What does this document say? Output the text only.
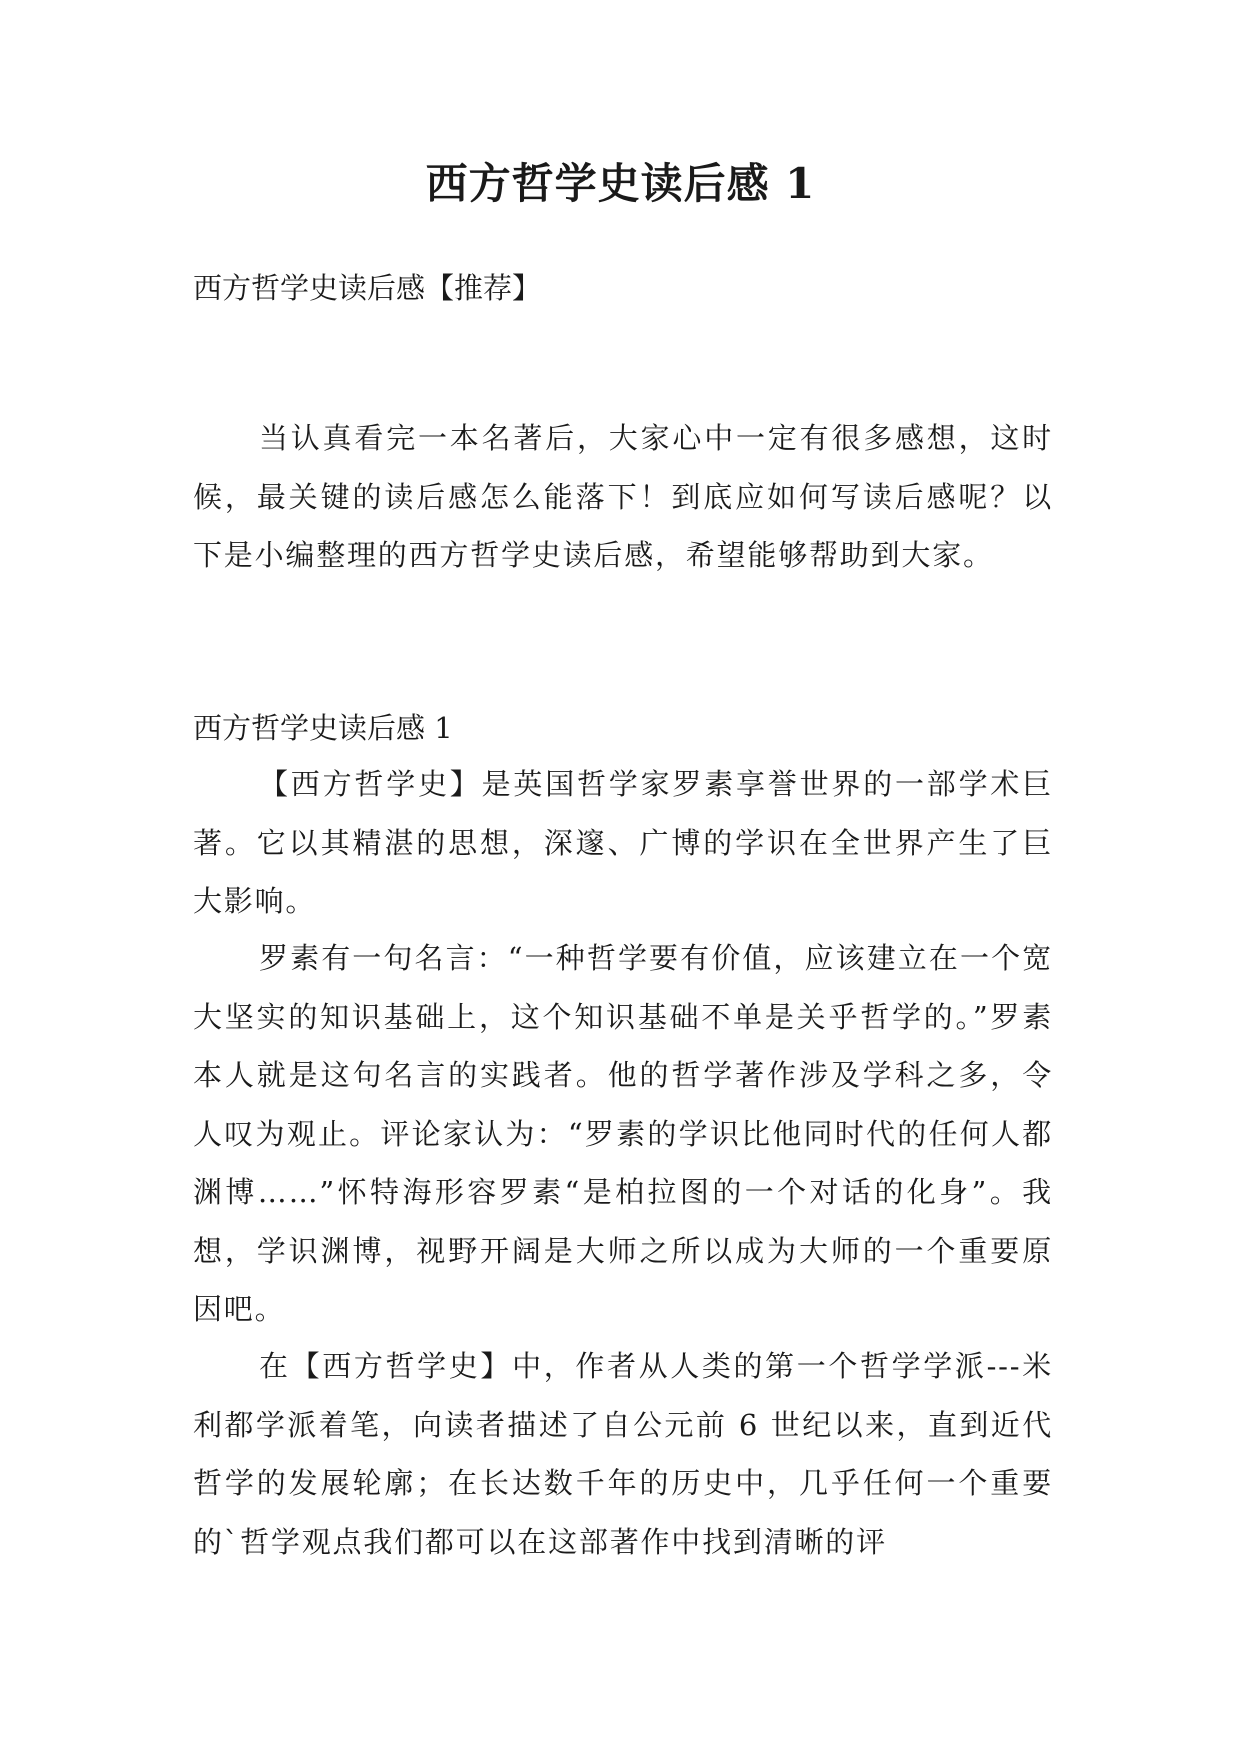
西方哲学史读后感 1

西方哲学史读后感【推荐】

当认真看完一本名著后，大家心中一定有很多感想，这时候，最关键的读后感怎么能落下！到底应如何写读后感呢？以下是小编整理的西方哲学史读后感，希望能够帮助到大家。

西方哲学史读后感 1

【西方哲学史】是英国哲学家罗素享誉世界的一部学术巨著。它以其精湛的思想，深邃、广博的学识在全世界产生了巨大影响。

罗素有一句名言：“一种哲学要有价值，应该建立在一个宽大坚实的知识基础上，这个知识基础不单是关乎哲学的。”罗素本人就是这句名言的实践者。他的哲学著作涉及学科之多，令人叹为观止。评论家认为：“罗素的学识比他同时代的任何人都渊博……”怀特海形容罗素“是柏拉图的一个对话的化身”。我想，学识渊博，视野开阔是大师之所以成为大师的一个重要原因吧。

在【西方哲学史】中，作者从人类的第一个哲学学派---米利都学派着笔，向读者描述了自公元前 6 世纪以来，直到近代哲学的发展轮廓；在长达数千年的历史中，几乎任何一个重要的`哲学观点我们都可以在这部著作中找到清晰的评
